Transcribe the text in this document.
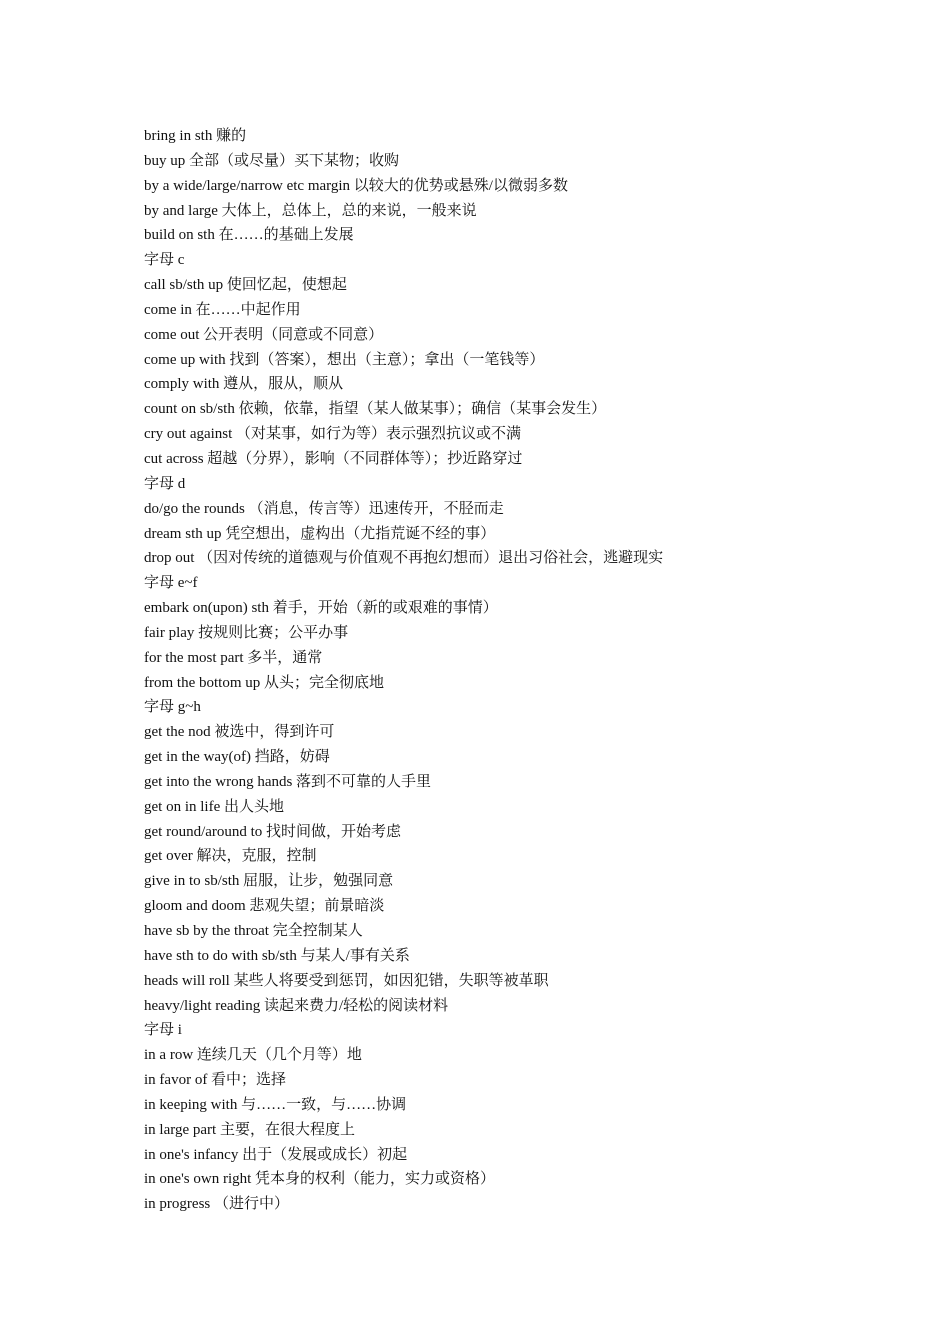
bring in sth 赚的
buy up 全部（或尽量）买下某物；收购
by a wide/large/narrow etc margin 以较大的优势或悬殊/以微弱多数
by and large 大体上，总体上，总的来说，一般来说
build on sth 在……的基础上发展
字母 c
call sb/sth up 使回忆起，使想起
come in 在……中起作用
come out 公开表明（同意或不同意）
come up with 找到（答案），想出（主意）；拿出（一笔钱等）
comply with 遵从，服从，顺从
count on sb/sth 依赖，依靠，指望（某人做某事）；确信（某事会发生）
cry out against （对某事，如行为等）表示强烈抗议或不满
cut across 超越（分界），影响（不同群体等）；抄近路穿过
字母 d
do/go the rounds （消息，传言等）迅速传开，不胫而走
dream sth up 凭空想出，虚构出（尤指荒诞不经的事）
drop out （因对传统的道德观与价值观不再抱幻想而）退出习俗社会，逃避现实
字母 e~f
embark on(upon) sth 着手，开始（新的或艰难的事情）
fair play 按规则比赛；公平办事
for the most part 多半，通常
from the bottom up 从头；完全彻底地
字母 g~h
get the nod 被选中，得到许可
get in the way(of) 挡路，妨碍
get into the wrong hands 落到不可靠的人手里
get on in life 出人头地
get round/around to 找时间做，开始考虑
get over 解决，克服，控制
give in to sb/sth 屈服，让步，勉强同意
gloom and doom 悲观失望；前景暗淡
have sb by the throat 完全控制某人
have sth to do with sb/sth 与某人/事有关系
heads will roll 某些人将要受到惩罚，如因犯错，失职等被革职
heavy/light reading 读起来费力/轻松的阅读材料
字母 i
in a row 连续几天（几个月等）地
in favor of 看中；选择
in keeping with 与……一致，与……协调
in large part 主要，在很大程度上
in one's infancy 出于（发展或成长）初起
in one's own right 凭本身的权利（能力，实力或资格）
in progress （进行中）
